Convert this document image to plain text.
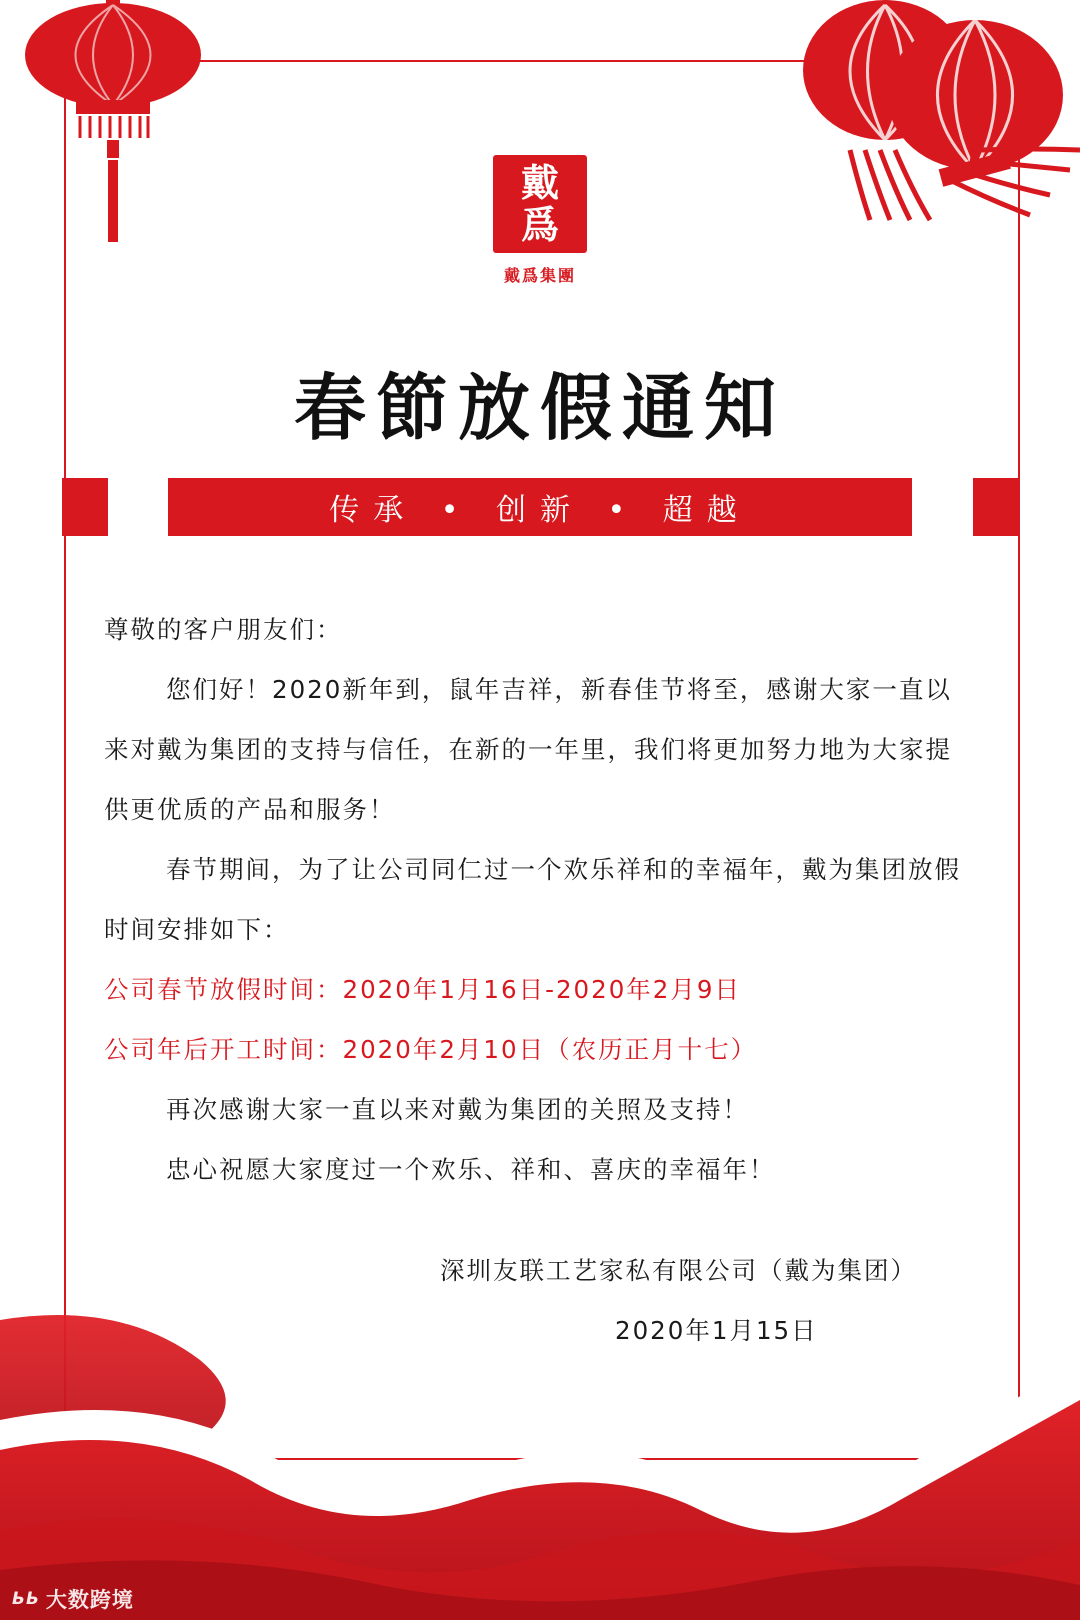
戴
爲
戴爲集團
春節放假通知
传承 • 创新 • 超越

尊敬的客户朋友们：

您们好！2020新年到，鼠年吉祥，新春佳节将至，感谢大家一直以来对戴为集团的支持与信任，在新的一年里，我们将更加努力地为大家提供更优质的产品和服务！

春节期间，为了让公司同仁过一个欢乐祥和的幸福年，戴为集团放假时间安排如下：

公司春节放假时间：2020年1月16日-2020年2月9日

公司年后开工时间：2020年2月10日（农历正月十七）

再次感谢大家一直以来对戴为集团的关照及支持！

忠心祝愿大家度过一个欢乐、祥和、喜庆的幸福年！

深圳友联工艺家私有限公司（戴为集团）
2020年1月15日
ЬЬ 大数跨境
